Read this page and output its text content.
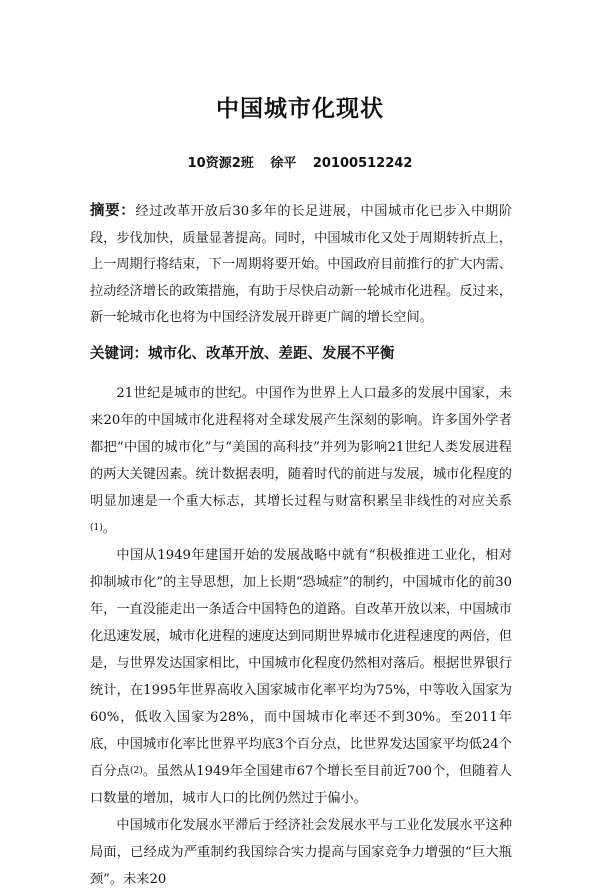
中国城市化现状
10资源2班 徐平 20100512242
摘要：经过改革开放后30多年的长足进展，中国城市化已步入中期阶段，步伐加快，质量显著提高。同时，中国城市化又处于周期转折点上，上一周期行将结束，下一周期将要开始。中国政府目前推行的扩大内需、拉动经济增长的政策措施，有助于尽快启动新一轮城市化进程。反过来，新一轮城市化也将为中国经济发展开辟更广阔的增长空间。
关键词：城市化、改革开放、差距、发展不平衡

21世纪是城市的世纪。中国作为世界上人口最多的发展中国家，未来20年的中国城市化进程将对全球发展产生深刻的影响。许多国外学者都把“中国的城市化”与“美国的高科技”并列为影响21世纪人类发展进程的两大关键因素。统计数据表明，随着时代的前进与发展，城市化程度的明显加速是一个重大标志，其增长过程与财富积累呈非线性的对应关系(1)。

中国从1949年建国开始的发展战略中就有“积极推进工业化，相对抑制城市化”的主导思想，加上长期“恐城症”的制约，中国城市化的前30年，一直没能走出一条适合中国特色的道路。自改革开放以来，中国城市化迅速发展，城市化进程的速度达到同期世界城市化进程速度的两倍，但是，与世界发达国家相比，中国城市化程度仍然相对落后。根据世界银行统计，在1995年世界高收入国家城市化率平均为75%，中等收入国家为60%，低收入国家为28%，而中国城市化率还不到30%。至2011年底，中国城市化率比世界平均底3个百分点，比世界发达国家平均低24个百分点(2)。虽然从1949年全国建市67个增长至目前近700个，但随着人口数量的增加，城市人口的比例仍然过于偏小。

中国城市化发展水平滞后于经济社会发展水平与工业化发展水平这种局面，已经成为严重制约我国综合实力提高与国家竞争力增强的“巨大瓶颈”。未来20
